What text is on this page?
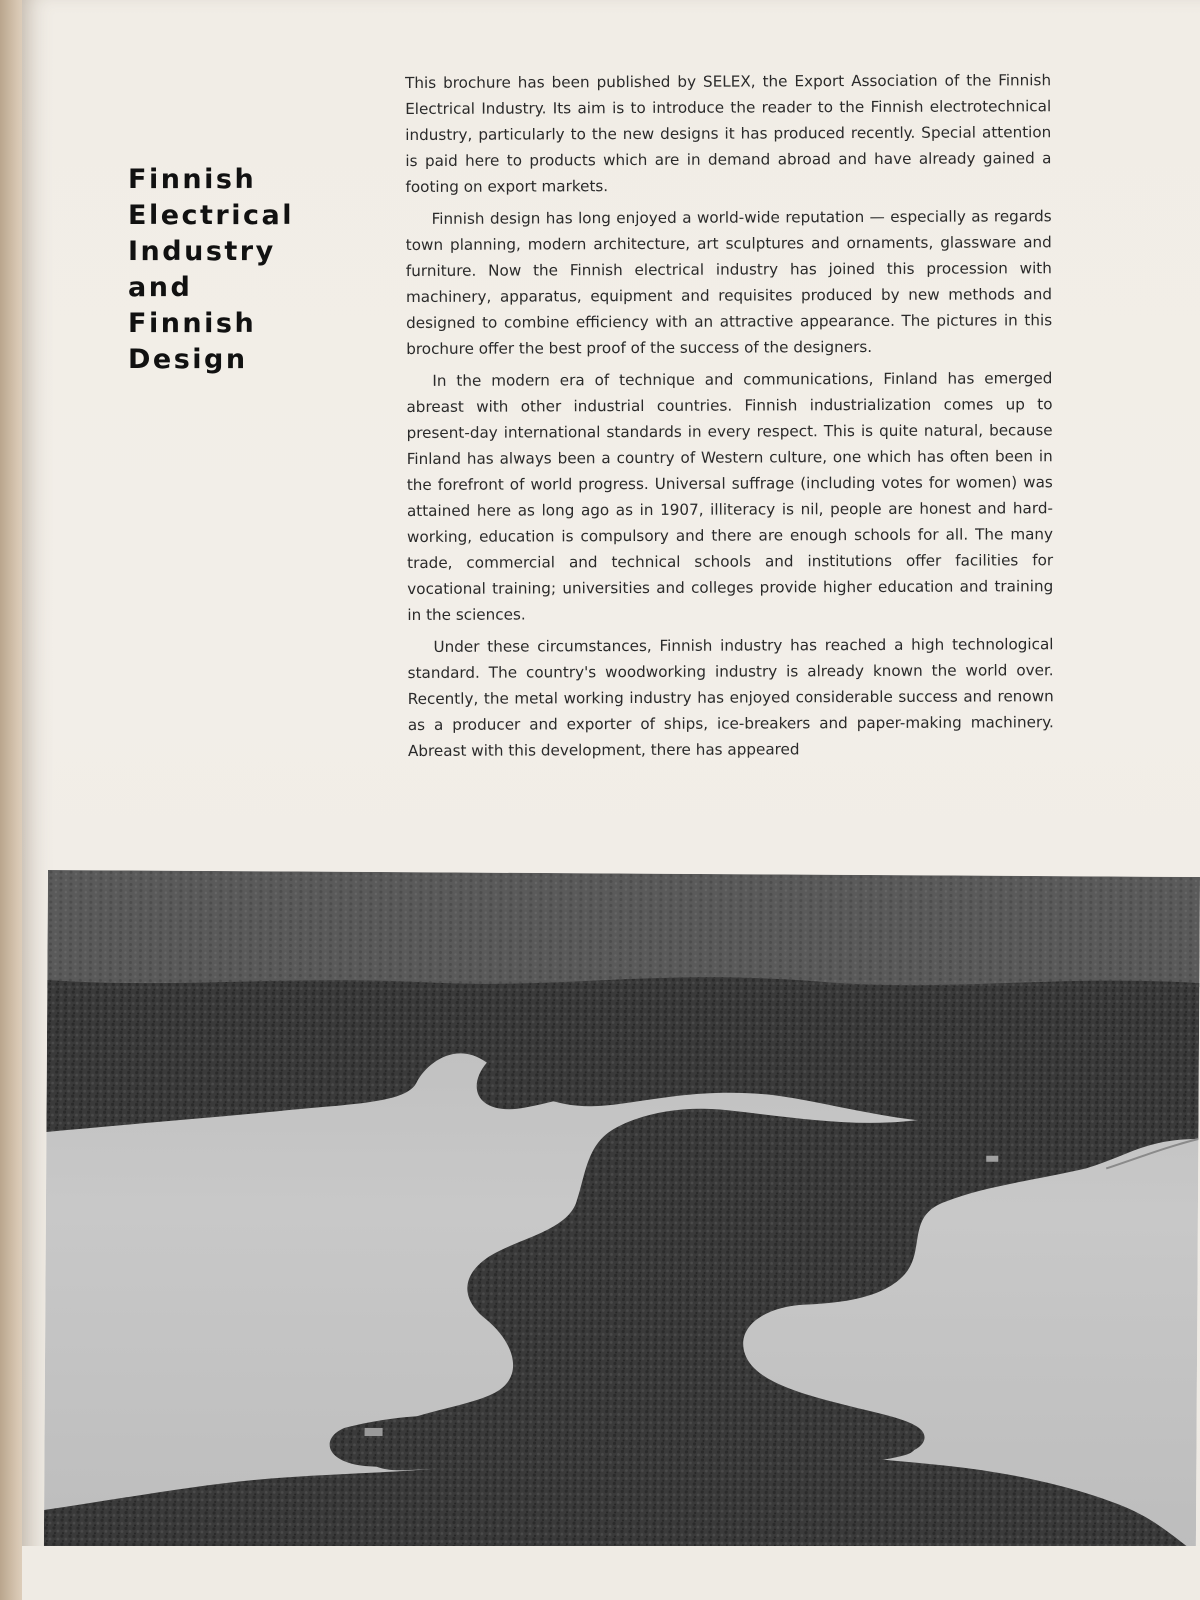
Finnish
Electrical
Industry
and
Finnish
Design

This brochure has been published by SELEX, the Export Association of the Finnish Electrical Industry. Its aim is to introduce the reader to the Finnish electrotechnical industry, particularly to the new designs it has produced recently. Special attention is paid here to products which are in demand abroad and have already gained a footing on export markets.

Finnish design has long enjoyed a world-wide reputation — especially as regards town planning, modern architecture, art sculptures and ornaments, glassware and furniture. Now the Finnish electrical industry has joined this procession with machinery, apparatus, equipment and requisites produced by new methods and designed to combine efficiency with an attractive appearance. The pictures in this brochure offer the best proof of the success of the designers.

In the modern era of technique and communications, Finland has emerged abreast with other industrial countries. Finnish industrialization comes up to present-day international standards in every respect. This is quite natural, because Finland has always been a country of Western culture, one which has often been in the forefront of world progress. Universal suffrage (including votes for women) was attained here as long ago as in 1907, illiteracy is nil, people are honest and hard-working, education is compulsory and there are enough schools for all. The many trade, commercial and technical schools and institutions offer facilities for vocational training; universities and colleges provide higher education and training in the sciences.

Under these circumstances, Finnish industry has reached a high technological standard. The country's woodworking industry is already known the world over. Recently, the metal working industry has enjoyed considerable success and renown as a producer and exporter of ships, ice-breakers and paper-making machinery. Abreast with this development, there has appeared
